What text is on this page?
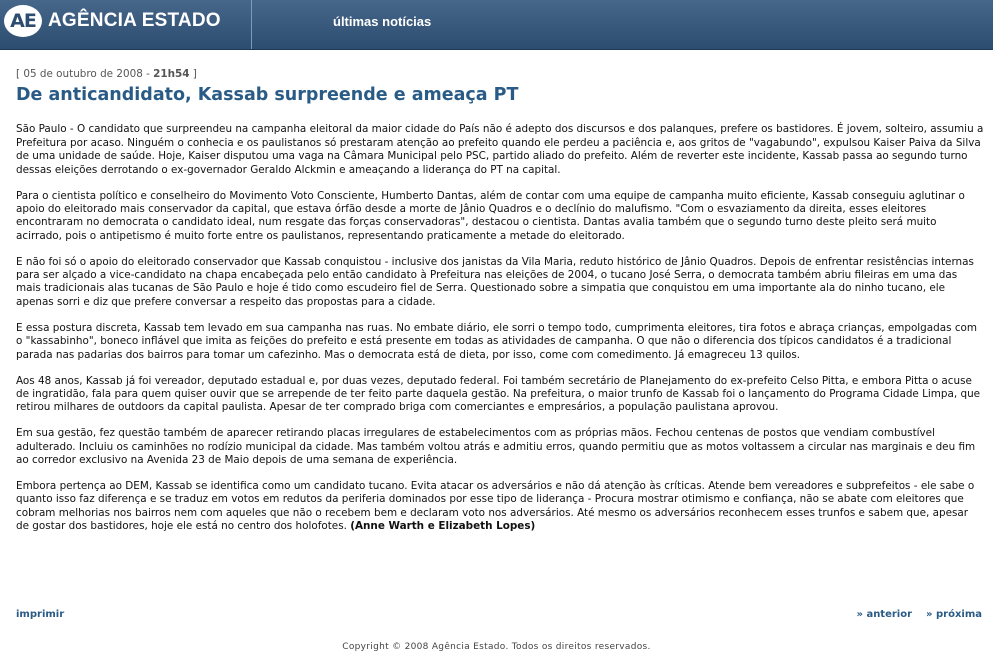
AE AGÊNCIA ESTADO	últimas notícias
[ 05 de outubro de 2008 - 21h54 ]
De anticandidato, Kassab surpreende e ameaça PT

São Paulo - O candidato que surpreendeu na campanha eleitoral da maior cidade do País não é adepto dos discursos e dos palanques, prefere os bastidores. É jovem, solteiro, assumiu a Prefeitura por acaso. Ninguém o conhecia e os paulistanos só prestaram atenção ao prefeito quando ele perdeu a paciência e, aos gritos de "vagabundo", expulsou Kaiser Paiva da Silva de uma unidade de saúde. Hoje, Kaiser disputou uma vaga na Câmara Municipal pelo PSC, partido aliado do prefeito. Além de reverter este incidente, Kassab passa ao segundo turno dessas eleições derrotando o ex-governador Geraldo Alckmin e ameaçando a liderança do PT na capital.

Para o cientista político e conselheiro do Movimento Voto Consciente, Humberto Dantas, além de contar com uma equipe de campanha muito eficiente, Kassab conseguiu aglutinar o apoio do eleitorado mais conservador da capital, que estava órfão desde a morte de Jânio Quadros e o declínio do malufismo. "Com o esvaziamento da direita, esses eleitores encontraram no democrata o candidato ideal, num resgate das forças conservadoras", destacou o cientista. Dantas avalia também que o segundo turno deste pleito será muito acirrado, pois o antipetismo é muito forte entre os paulistanos, representando praticamente a metade do eleitorado.

E não foi só o apoio do eleitorado conservador que Kassab conquistou - inclusive dos janistas da Vila Maria, reduto histórico de Jânio Quadros. Depois de enfrentar resistências internas para ser alçado a vice-candidato na chapa encabeçada pelo então candidato à Prefeitura nas eleições de 2004, o tucano José Serra, o democrata também abriu fileiras em uma das mais tradicionais alas tucanas de São Paulo e hoje é tido como escudeiro fiel de Serra. Questionado sobre a simpatia que conquistou em uma importante ala do ninho tucano, ele apenas sorri e diz que prefere conversar a respeito das propostas para a cidade.

E essa postura discreta, Kassab tem levado em sua campanha nas ruas. No embate diário, ele sorri o tempo todo, cumprimenta eleitores, tira fotos e abraça crianças, empolgadas com o "kassabinho", boneco inflável que imita as feições do prefeito e está presente em todas as atividades de campanha. O que não o diferencia dos típicos candidatos é a tradicional parada nas padarias dos bairros para tomar um cafezinho. Mas o democrata está de dieta, por isso, come com comedimento. Já emagreceu 13 quilos.

Aos 48 anos, Kassab já foi vereador, deputado estadual e, por duas vezes, deputado federal. Foi também secretário de Planejamento do ex-prefeito Celso Pitta, e embora Pitta o acuse de ingratidão, fala para quem quiser ouvir que se arrepende de ter feito parte daquela gestão. Na prefeitura, o maior trunfo de Kassab foi o lançamento do Programa Cidade Limpa, que retirou milhares de outdoors da capital paulista. Apesar de ter comprado briga com comerciantes e empresários, a população paulistana aprovou.

Em sua gestão, fez questão também de aparecer retirando placas irregulares de estabelecimentos com as próprias mãos. Fechou centenas de postos que vendiam combustível adulterado. Incluiu os caminhões no rodízio municipal da cidade. Mas também voltou atrás e admitiu erros, quando permitiu que as motos voltassem a circular nas marginais e deu fim ao corredor exclusivo na Avenida 23 de Maio depois de uma semana de experiência.

Embora pertença ao DEM, Kassab se identifica como um candidato tucano. Evita atacar os adversários e não dá atenção às críticas. Atende bem vereadores e subprefeitos - ele sabe o quanto isso faz diferença e se traduz em votos em redutos da periferia dominados por esse tipo de liderança - Procura mostrar otimismo e confiança, não se abate com eleitores que cobram melhorias nos bairros nem com aqueles que não o recebem bem e declaram voto nos adversários. Até mesmo os adversários reconhecem esses trunfos e sabem que, apesar de gostar dos bastidores, hoje ele está no centro dos holofotes. (Anne Warth e Elizabeth Lopes)

imprimir	» anterior » próxima
Copyright © 2008 Agência Estado. Todos os direitos reservados.
